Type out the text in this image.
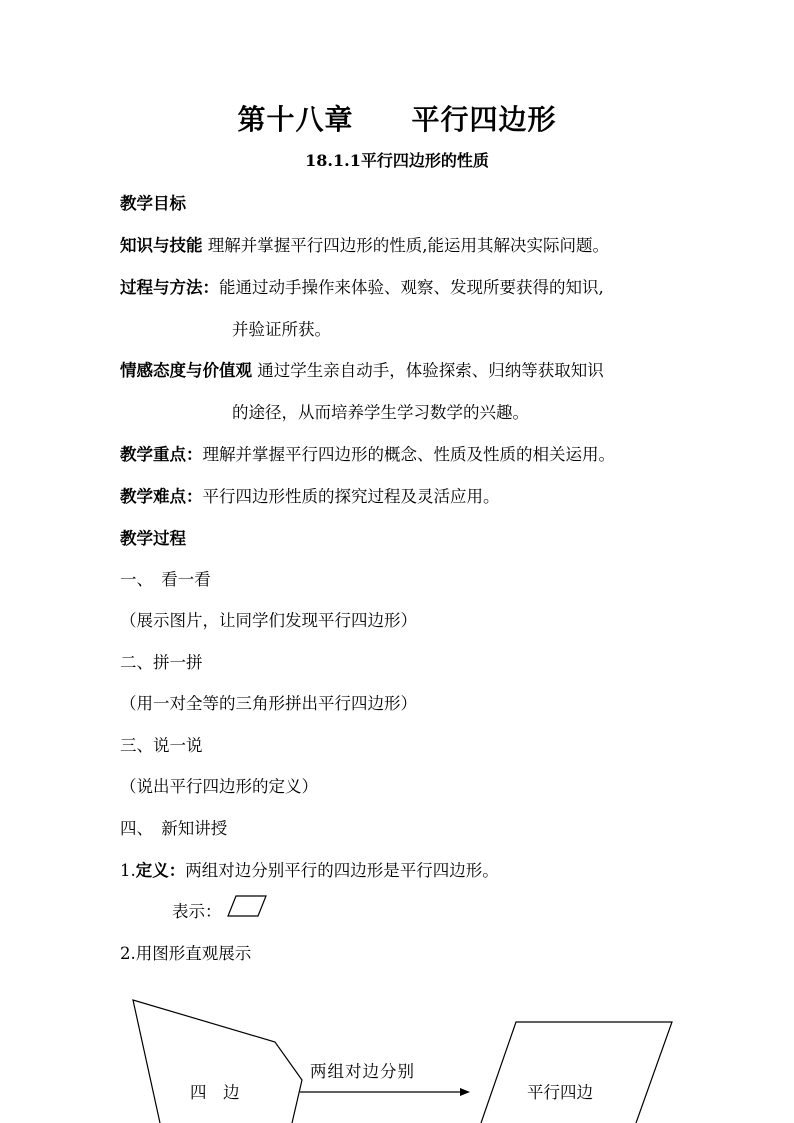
第十八章 平行四边形
18.1.1平行四边形的性质
教学目标
知识与技能 理解并掌握平行四边形的性质,能运用其解决实际问题。
过程与方法：能通过动手操作来体验、观察、发现所要获得的知识,
并验证所获。
情感态度与价值观 通过学生亲自动手，体验探索、归纳等获取知识
的途径，从而培养学生学习数学的兴趣。
教学重点：理解并掌握平行四边形的概念、性质及性质的相关运用。
教学难点：平行四边形性质的探究过程及灵活应用。
教学过程
一、　看一看
（展示图片，让同学们发现平行四边形）
二、拼一拼
（用一对全等的三角形拼出平行四边形）
三、说一说
（说出平行四边形的定义）
四、　新知讲授
1.定义：两组对边分别平行的四边形是平行四边形。
表示：
2.用图形直观展示
四　边
两组对边分别
平行四边
